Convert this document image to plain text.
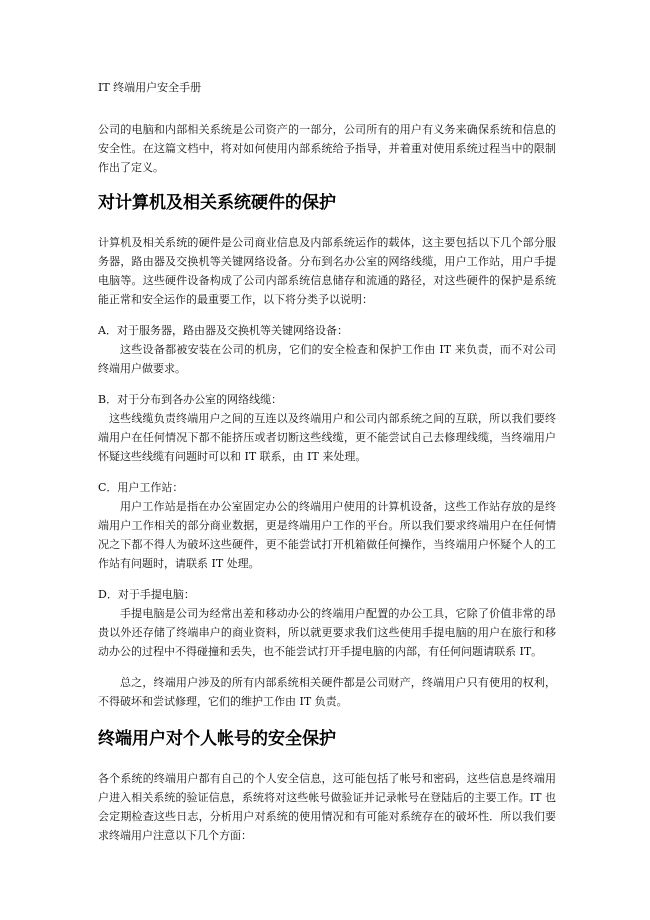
IT 终端用户安全手册

公司的电脑和内部相关系统是公司资产的一部分，公司所有的用户有义务来确保系统和信息的安全性。在这篇文档中，将对如何使用内部系统给予指导，并着重对使用系统过程当中的限制作出了定义。

对计算机及相关系统硬件的保护

计算机及相关系统的硬件是公司商业信息及内部系统运作的载体，这主要包括以下几个部分服务器，路由器及交换机等关键网络设备。分布到名办公室的网络线缆，用户工作站，用户手提电脑等。这些硬件设备构成了公司内部系统信息储存和流通的路径，对这些硬件的保护是系统能正常和安全运作的最重要工作，以下将分类予以说明：

A．对于服务器，路由器及交换机等关键网络设备：

这些设备都被安装在公司的机房，它们的安全检查和保护工作由 IT 来负责，而不对公司终端用户做要求。

B．对于分布到各办公室的网络线缆：

这些线缆负责终端用户之间的互连以及终端用户和公司内部系统之间的互联，所以我们要终端用户在任何情况下都不能挤压或者切断这些线缆，更不能尝试自己去修理线缆，当终端用户怀疑这些线缆有问题时可以和 IT 联系，由 IT 来处理。

C．用户工作站：

用户工作站是指在办公室固定办公的终端用户使用的计算机设备，这些工作站存放的是终端用户工作相关的部分商业数据，更是终端用户工作的平台。所以我们要求终端用户在任何情况之下都不得人为破坏这些硬件，更不能尝试打开机箱做任何操作，当终端用户怀疑个人的工作站有问题时，请联系 IT 处理。

D．对于手提电脑：

手提电脑是公司为经常出差和移动办公的终端用户配置的办公工具，它除了价值非常的昂贵以外还存储了终端串户的商业资料，所以就更要求我们这些使用手提电脑的用户在旅行和移动办公的过程中不得碰撞和丢失，也不能尝试打开手提电脑的内部，有任何问题请联系 IT。

总之，终端用户涉及的所有内部系统相关硬件都是公司财产，终端用户只有使用的权利，不得破坏和尝试修理，它们的维护工作由 IT 负责。

终端用户对个人帐号的安全保护

各个系统的终端用户都有自己的个人安全信息，这可能包括了帐号和密码，这些信息是终端用户进入相关系统的验证信息，系统将对这些帐号做验证并记录帐号在登陆后的主要工作。IT 也会定期检查这些日志，分析用户对系统的使用情况和有可能对系统存在的破坏性．所以我们要求终端用户注意以下几个方面：
